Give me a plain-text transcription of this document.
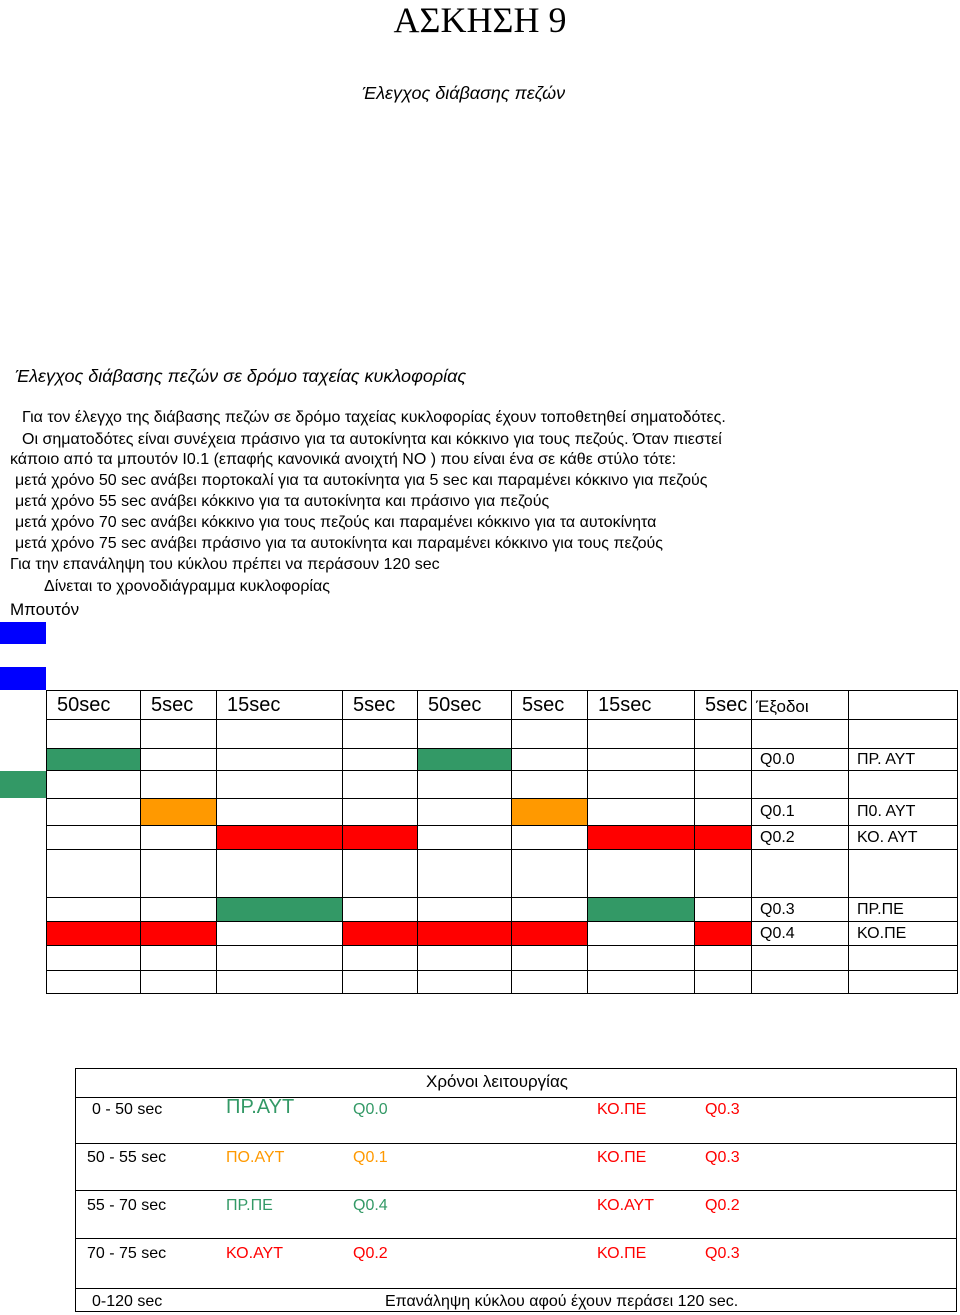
ΑΣΚΗΣΗ 9
Έλεγχος διάβασης πεζών
Έλεγχος διάβασης πεζών σε δρόμο ταχείας κυκλοφορίας
Για τον έλεγχο της διάβασης πεζών σε δρόμο ταχείας κυκλοφορίας έχουν τοποθετηθεί σηματοδότες.
Οι σηματοδότες είναι συνέχεια πράσινο για τα αυτοκίνητα και κόκκινο για τους πεζούς. Όταν πιεστεί
κάποιο από τα μπουτόν I0.1 (επαφής κανονικά ανοιχτή NO ) που είναι ένα σε κάθε στύλο τότε:
μετά χρόνο 50 sec ανάβει πορτοκαλί για τα αυτοκίνητα για 5 sec και παραμένει κόκκινο για πεζούς
μετά χρόνο 55 sec ανάβει κόκκινο για τα αυτοκίνητα και πράσινο για πεζούς
μετά χρόνο 70 sec ανάβει κόκκινο για τους πεζούς και παραμένει κόκκινο για τα αυτοκίνητα
μετά χρόνο 75 sec ανάβει πράσινο για τα αυτοκίνητα και παραμένει κόκκινο για τους πεζούς
Για την επανάληψη του κύκλου πρέπει να περάσουν 120 sec
Δίνεται το χρονοδιάγραμμα κυκλοφορίας
Μπουτόν
50sec	5sec	15sec	5sec	50sec	5sec	15sec	5sec	Έξοδοι	

				Q0.0	ΠΡ. ΑΥΤ

			Q0.1	Π0. ΑΥΤ

	Q0.2	ΚΟ. ΑΥΤ

		Q0.3	ΠΡ.ΠΕ

	Q0.4	ΚΟ.ΠΕ

Χρόνοι λειτουργίας
0 - 50 sec	ΠΡ.ΑΥΤ	Q0.0	ΚΟ.ΠΕ	Q0.3
50 - 55 sec	ΠΟ.ΑΥΤ	Q0.1	ΚΟ.ΠΕ	Q0.3
55 - 70 sec	ΠΡ.ΠΕ	Q0.4	ΚΟ.ΑΥΤ	Q0.2
70 - 75 sec	ΚΟ.ΑΥΤ	Q0.2	ΚΟ.ΠΕ	Q0.3
0-120 sec	Επανάληψη κύκλου αφού έχουν περάσει 120 sec.
